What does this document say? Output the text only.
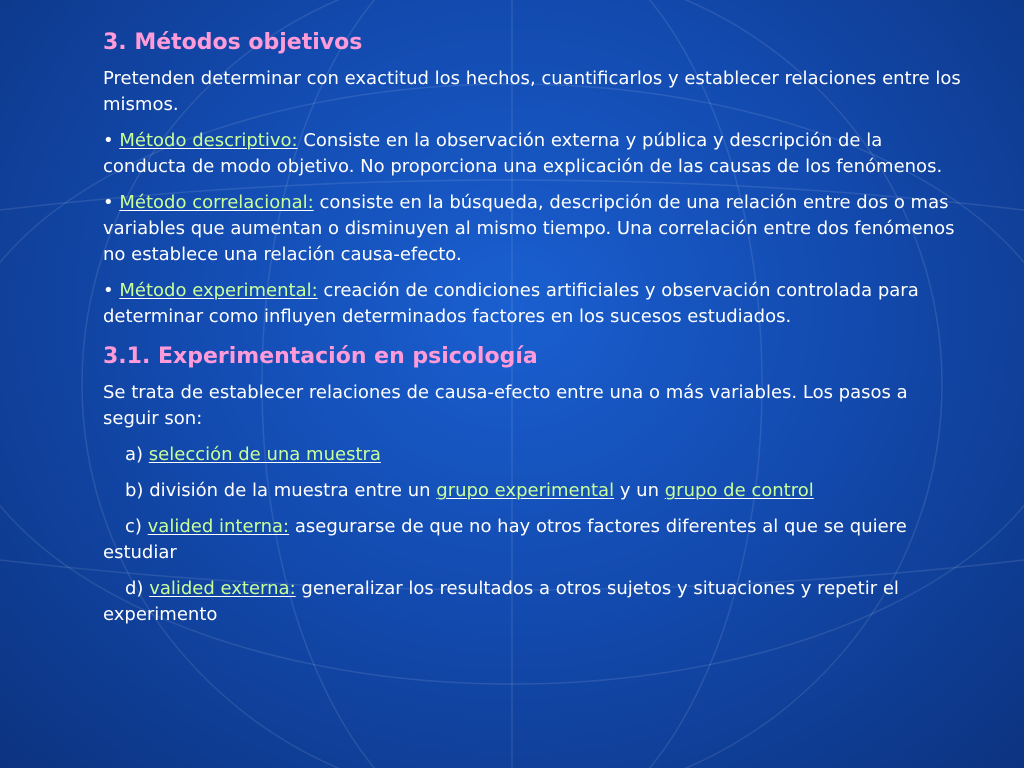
3. Métodos objetivos

Pretenden determinar con exactitud los hechos, cuantificarlos y establecer relaciones entre los mismos.

• Método descriptivo: Consiste en la observación externa y pública y descripción de la conducta de modo objetivo. No proporciona una explicación de las causas de los fenómenos.

• Método correlacional: consiste en la búsqueda, descripción de una relación entre dos o mas variables que aumentan o disminuyen al mismo tiempo. Una correlación entre dos fenómenos no establece una relación causa-efecto.

• Método experimental: creación de condiciones artificiales y observación controlada para determinar como influyen determinados factores en los sucesos estudiados.

3.1. Experimentación en psicología

Se trata de establecer relaciones de causa-efecto entre una o más variables. Los pasos a seguir son:

a) selección de una muestra

b) división de la muestra entre un grupo experimental y un grupo de control

c) valided interna: asegurarse de que no hay otros factores diferentes al que se quiere estudiar

d) valided externa: generalizar los resultados a otros sujetos y situaciones y repetir el experimento
